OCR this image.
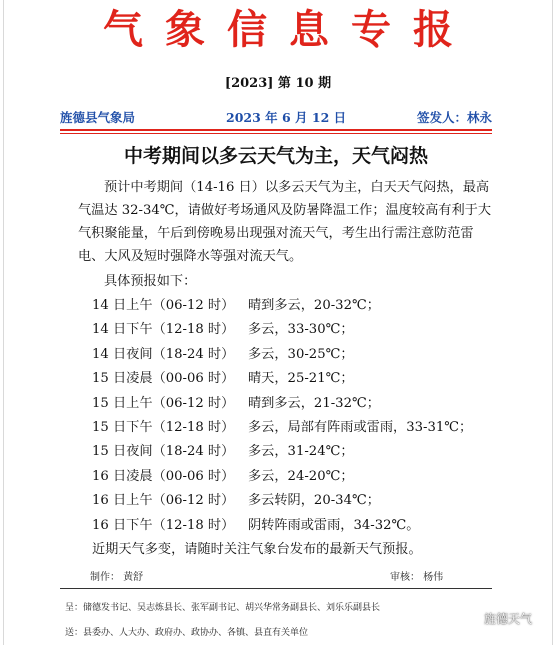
气象信息专报
[2023] 第 10 期
旌德县气象局	2023 年 6 月 12 日	签发人：林永
中考期间以多云天气为主，天气闷热
预计中考期间（14-16 日）以多云天气为主，白天天气闷热，最高气温达 32-34℃，请做好考场通风及防暑降温工作；温度较高有利于大气积聚能量，午后到傍晚易出现强对流天气，考生出行需注意防范雷电、大风及短时强降水等强对流天气。
具体预报如下：
14 日上午（06-12 时） 晴到多云，20-32℃；
14 日下午（12-18 时） 多云，33-30℃；
14 日夜间（18-24 时） 多云，30-25℃；
15 日凌晨（00-06 时） 晴天，25-21℃；
15 日上午（06-12 时） 晴到多云，21-32℃；
15 日下午（12-18 时） 多云，局部有阵雨或雷雨，33-31℃；
15 日夜间（18-24 时） 多云，31-24℃；
16 日凌晨（00-06 时） 多云，24-20℃；
16 日上午（06-12 时） 多云转阴，20-34℃；
16 日下午（12-18 时） 阴转阵雨或雷雨，34-32℃。
近期天气多变，请随时关注气象台发布的最新天气预报。
制作： 黄舒	审核： 杨伟
呈：储德发书记、吴志炼县长、张军副书记、胡兴华常务副县长、刘乐乐副县长
送：县委办、人大办、政府办、政协办、各镇、县直有关单位
旌德天气
